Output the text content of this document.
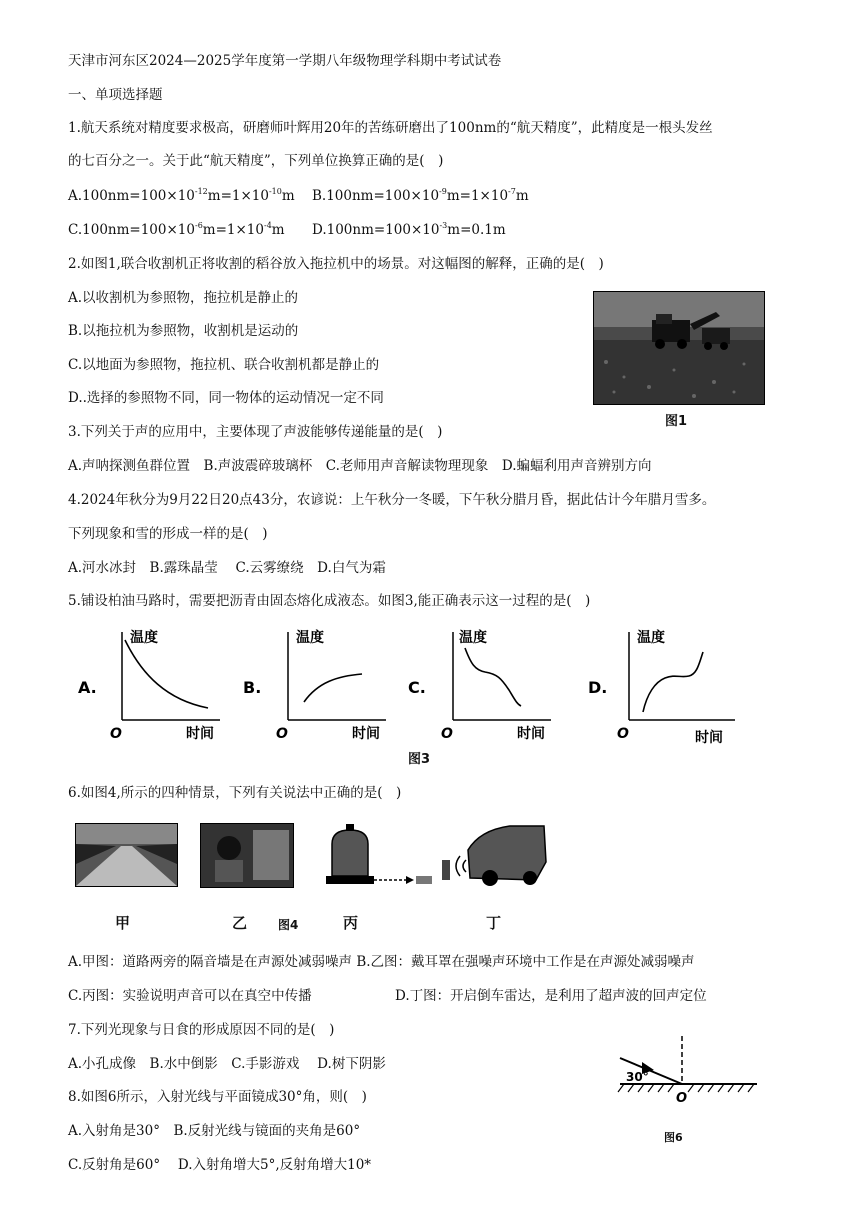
天津市河东区2024—2025学年度第一学期八年级物理学科期中考试试卷
一、单项选择题
1.航天系统对精度要求极高，研磨师叶辉用20年的苦练研磨出了100nm的“航天精度”，此精度是一根头发丝
的七百分之一。关于此“航天精度”，下列单位换算正确的是(　)
$A.100nm=100\times 10^{-12}m=1\times 10^{-10}m$ $B.100nm=100\times 10^{-9}m=1\times 10^{-7}m$
$C.100nm=100\times 10^{-6}m=1\times 10^{-4}m$ $D.100nm=100\times 10^{-3}m=0.1m$
2.如图1,联合收割机正将收割的稻谷放入拖拉机中的场景。对这幅图的解释，正确的是(　)
A.以收割机为参照物，拖拉机是静止的
B.以拖拉机为参照物，收割机是运动的
C.以地面为参照物，拖拉机、联合收割机都是静止的
D..选择的参照物不同，同一物体的运动情况一定不同
图1
3.下列关于声的应用中，主要体现了声波能够传递能量的是(　)
A.声呐探测鱼群位置　B.声波震碎玻璃杯　C.老师用声音解读物理现象　D.蝙蝠利用声音辨别方向
4.2024年秋分为9月22日20点43分，农谚说：上午秋分一冬暖，下午秋分腊月昏，据此估计今年腊月雪多。
下列现象和雪的形成一样的是(　)
A.河水冰封　B.露珠晶莹　 C.云雾缭绕　D.白气为霜
5.铺设柏油马路时，需要把沥青由固态熔化成液态。如图3,能正确表示这一过程的是(　)
A.
温度
O	时间
B.
温度
O	时间
C.
温度
O	时间
D.
温度
O	时间
图3
6.如图4,所示的四种情景，下列有关说法中正确的是(　)
甲	乙	图4	丙	丁
A.甲图：道路两旁的隔音墙是在声源处减弱噪声 B.乙图：戴耳罩在强噪声环境中工作是在声源处减弱噪声
C.丙图：实验说明声音可以在真空中传播	D.丁图：开启倒车雷达，是利用了超声波的回声定位
7.下列光现象与日食的形成原因不同的是(　)
A.小孔成像　B.水中倒影　C.手影游戏　 D.树下阴影
8.如图6所示，入射光线与平面镜成30°角，则(　)
A.入射角是30°　B.反射光线与镜面的夹角是60°
C.反射角是60°　 D.入射角增大5°,反射角增大10*
30°
O
图6
